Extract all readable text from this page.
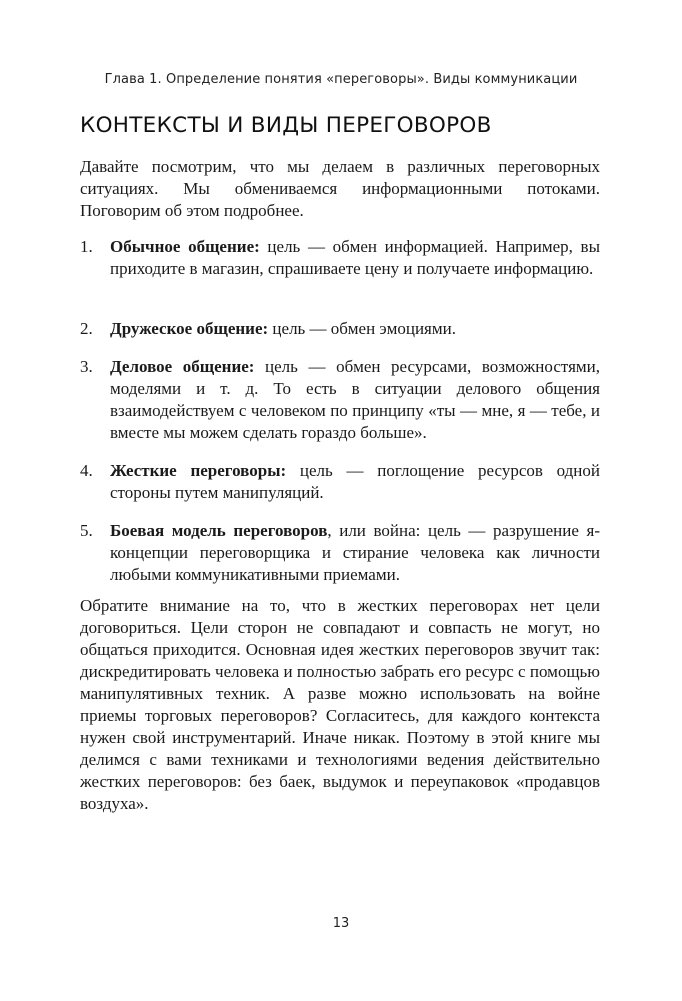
Глава 1. Определение понятия «переговоры». Виды коммуникации
КОНТЕКСТЫ И ВИДЫ ПЕРЕГОВОРОВ

Давайте посмотрим, что мы делаем в различных переговорных ситуациях. Мы обмениваемся информационными потоками. Поговорим об этом подробнее.

1.	Обычное общение: цель — обмен информацией. Например, вы приходите в магазин, спрашиваете цену и получаете информацию.
2.	Дружеское общение: цель — обмен эмоциями.
3.	Деловое общение: цель — обмен ресурсами, возможностями, моделями и т. д. То есть в ситуации делового общения взаимодействуем с человеком по принципу «ты — мне, я — тебе, и вместе мы можем сделать гораздо больше».
4.	Жесткие переговоры: цель — поглощение ресурсов одной стороны путем манипуляций.
5.	Боевая модель переговоров, или война: цель — разрушение я-концепции переговорщика и стирание человека как личности любыми коммуникативными приемами.

Обратите внимание на то, что в жестких переговорах нет цели договориться. Цели сторон не совпадают и совпасть не могут, но общаться приходится. Основная идея жестких переговоров звучит так: дискредитировать человека и полностью забрать его ресурс с помощью манипулятивных техник. А разве можно использовать на войне приемы торговых переговоров? Согласитесь, для каждого контекста нужен свой инструментарий. Иначе никак. Поэтому в этой книге мы делимся с вами техниками и технологиями ведения действительно жестких переговоров: без баек, выдумок и переупаковок «продавцов воздуха».

13
